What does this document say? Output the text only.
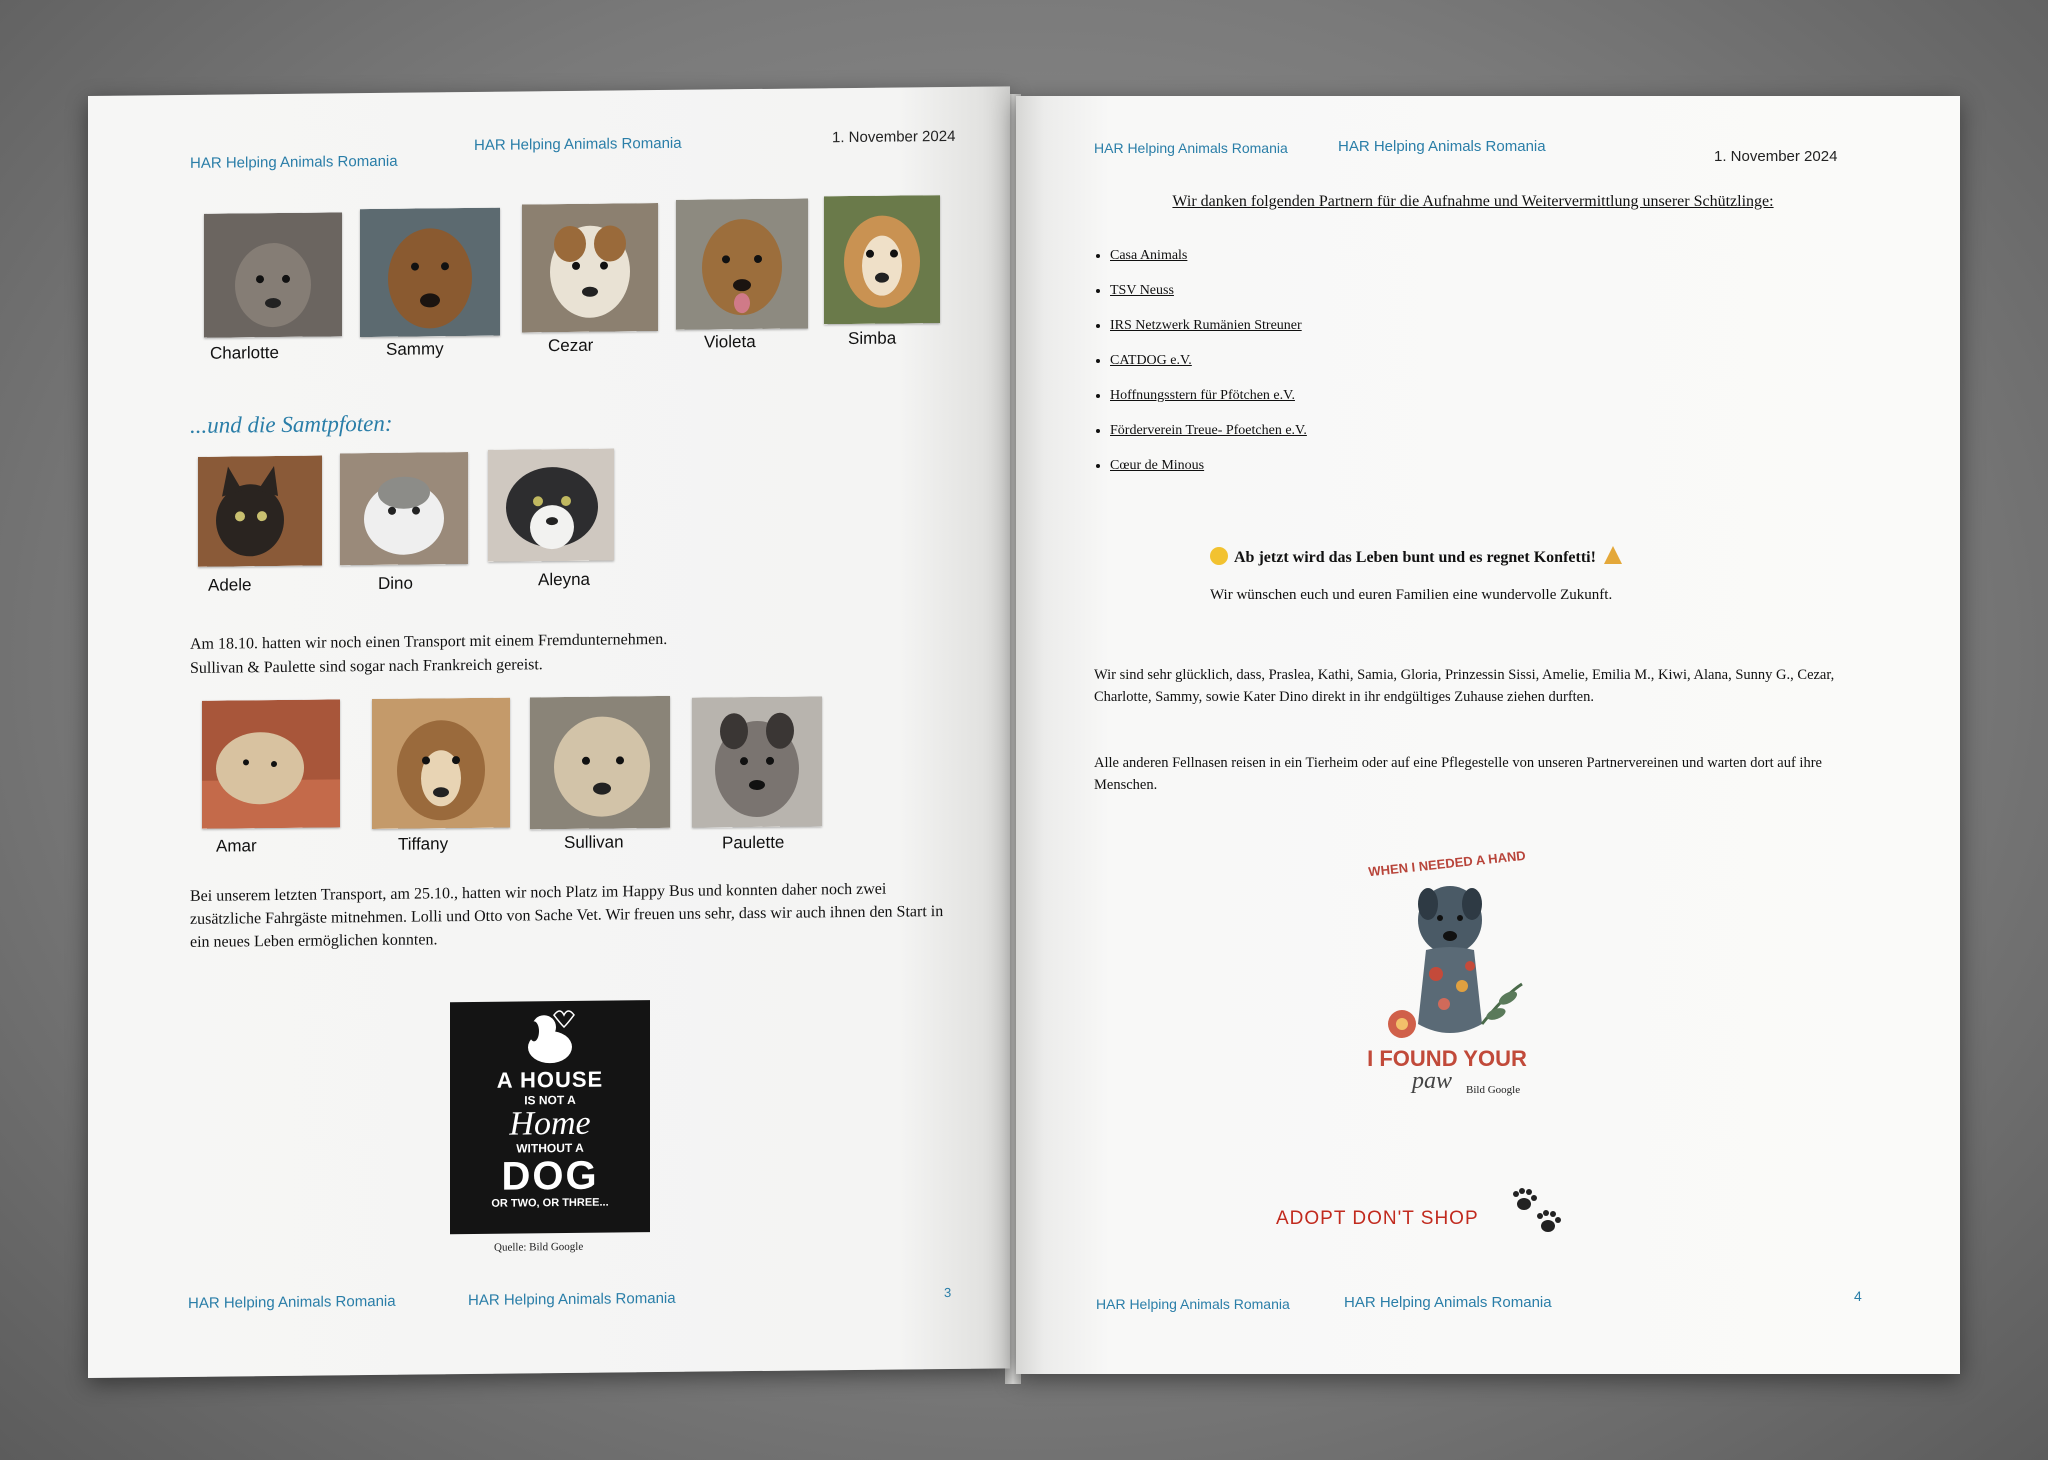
HAR Helping Animals Romania
HAR Helping Animals Romania	1. November 2024
Charlotte	Sammy	Cezar	Violeta	Simba
...und die Samtpfoten:
Adele	Dino	Aleyna
Am 18.10. hatten wir noch einen Transport mit einem Fremdunternehmen.
Sullivan & Paulette sind sogar nach Frankreich gereist.
Amar	Tiffany	Sullivan	Paulette
Bei unserem letzten Transport, am 25.10., hatten wir noch Platz im Happy Bus und konnten daher noch zwei zusätzliche Fahrgäste mitnehmen. Lolli und Otto von Sache Vet. Wir freuen uns sehr, dass wir auch ihnen den Start in ein neues Leben ermöglichen konnten.
A HOUSE
IS NOT A
Home
WITHOUT A
DOG
OR TWO, OR THREE...
Quelle: Bild Google
HAR Helping Animals Romania	HAR Helping Animals Romania	3
HAR Helping Animals Romania	HAR Helping Animals Romania
1. November 2024
Wir danken folgenden Partnern für die Aufnahme und Weitervermittlung unserer Schützlinge:
• Casa Animals
• TSV Neuss
• IRS Netzwerk Rumänien Streuner
• CATDOG e.V.
• Hoffnungsstern für Pfötchen e.V.
• Förderverein Treue- Pfoetchen e.V.
• Cœur de Minous
Ab jetzt wird das Leben bunt und es regnet Konfetti!
Wir wünschen euch und euren Familien eine wundervolle Zukunft.
Wir sind sehr glücklich, dass, Praslea, Kathi, Samia, Gloria, Prinzessin Sissi, Amelie, Emilia M., Kiwi, Alana, Sunny G., Cezar, Charlotte, Sammy, sowie Kater Dino direkt in ihr endgültiges Zuhause ziehen durften.
Alle anderen Fellnasen reisen in ein Tierheim oder auf eine Pflegestelle von unseren Partnervereinen und warten dort auf ihre Menschen.
WHEN I NEEDED A HAND
I FOUND YOUR
paw	Bild Google
ADOPT DON'T SHOP
HAR Helping Animals Romania	HAR Helping Animals Romania	4
